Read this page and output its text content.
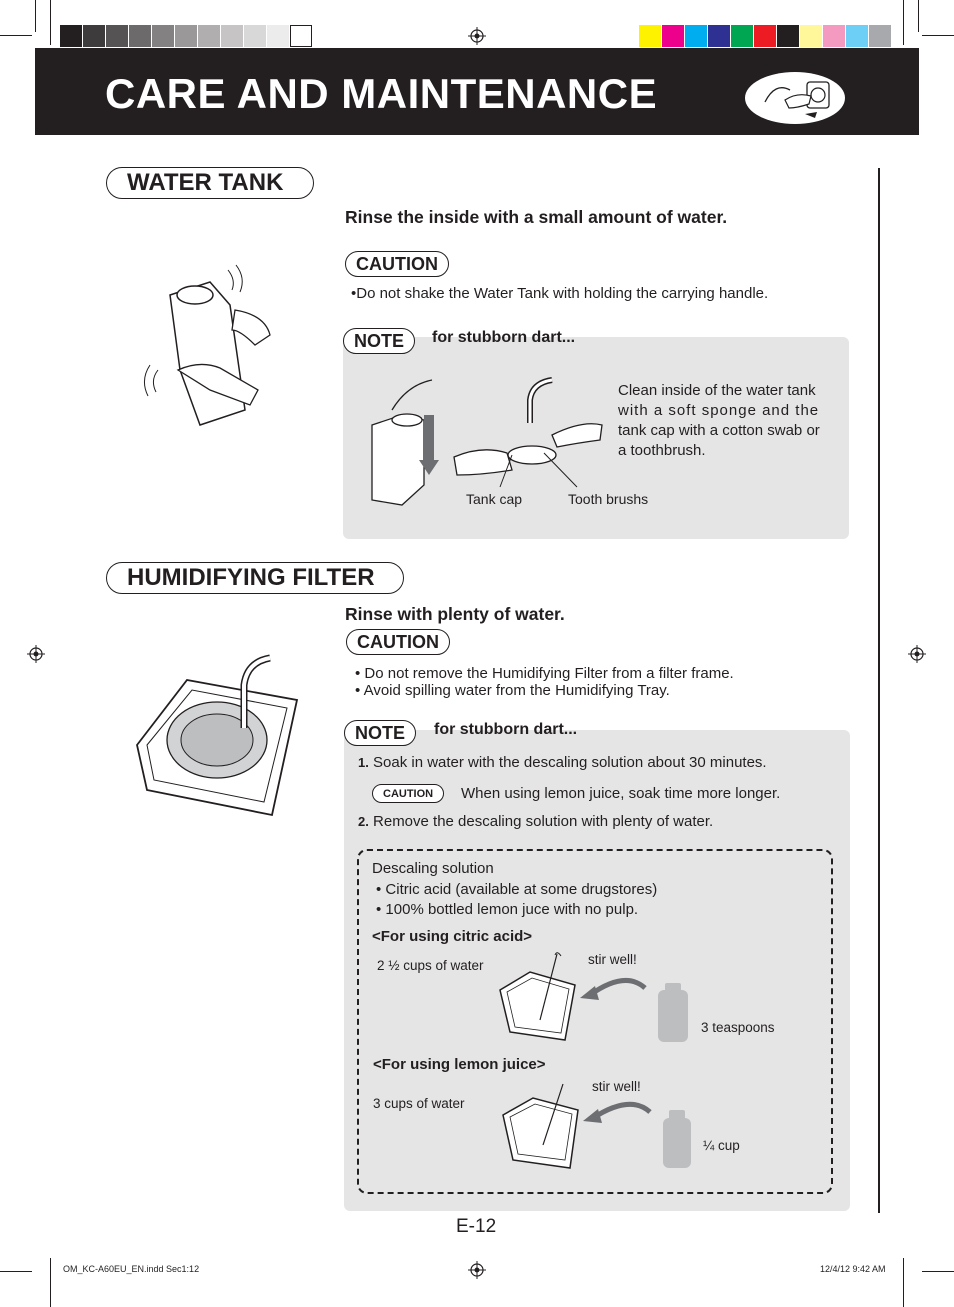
CARE AND MAINTENANCE
WATER TANK
Rinse the inside with a small amount of water.
CAUTION
•Do not shake the Water Tank with holding the carrying handle.
NOTE	for stubborn dart...
Clean inside of the water tank
with a soft sponge and the
tank cap with a cotton swab or
a toothbrush.
Tank cap	Tooth brushs
HUMIDIFYING FILTER
Rinse with plenty of water.
CAUTION
• Do not remove the Humidifying Filter from a filter frame.
• Avoid spilling water from the Humidifying Tray.
NOTE	for stubborn dart...
1. Soak in water with the descaling solution about 30 minutes.
CAUTION	When using lemon juice, soak time more longer.
2. Remove the descaling solution with plenty of water.
Descaling solution
• Citric acid (available at some drugstores)
• 100% bottled lemon juce with no pulp.
<For using citric acid>
2 ½ cups of water	stir well!
3 teaspoons
<For using lemon juice>
3 cups of water
stir well!
¼ cup
E-12
OM_KC-A60EU_EN.indd Sec1:12	12/4/12 9:42 AM
